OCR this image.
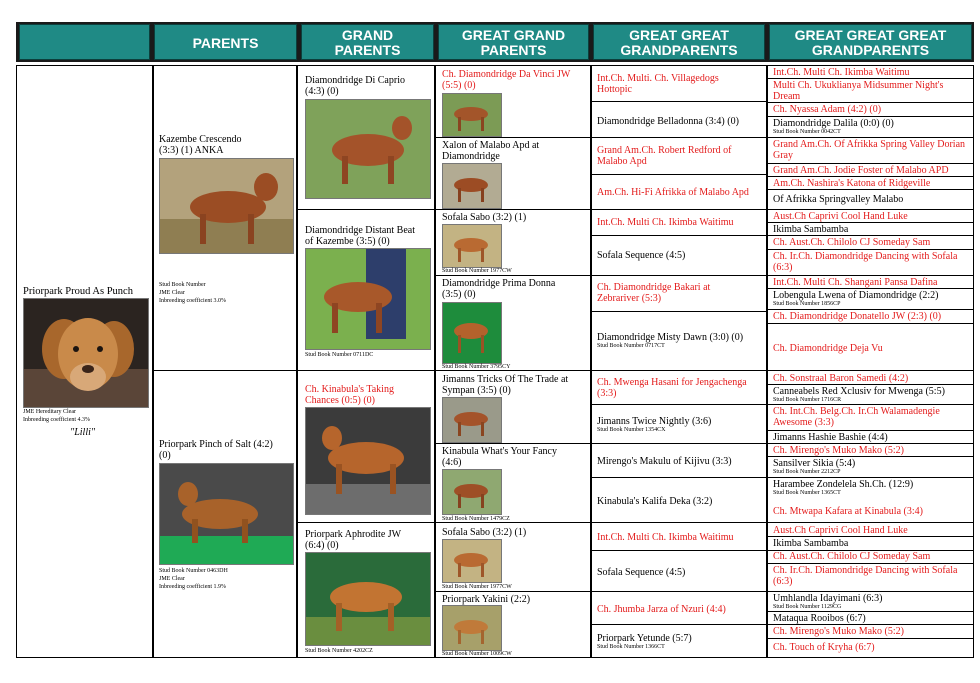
PARENTS	GRAND
PARENTS
GREAT GRAND
PARENTS
GREAT GREAT
GRANDPARENTS
GREAT GREAT GREAT
GRANDPARENTS
Priorpark Proud As Punch
JME Hereditary Clear
Inbreeding coefficient 4.3%
"Lilli"
Kazembe Crescendo
(3:3) (1) ANKA
Stud Book Number
JME Clear
Inbreeding coefficient 3.0%
Priorpark Pinch of Salt (4:2)
(0)
Stud Book Number 0463DH
JME Clear
Inbreeding coefficient 1.9%
Diamondridge Di Caprio
(4:3) (0)
Diamondridge Distant Beat
of Kazembe (3:5) (0)
Stud Book Number 0711DC
Ch. Kinabula's Taking
Chances (0:5) (0)
Priorpark Aphrodite JW
(6:4) (0)
Stud Book Number 4202CZ
Ch. Diamondridge Da Vinci JW
(5:5) (0)
Xalon of Malabo Apd at
Diamondridge
Sofala Sabo (3:2) (1)
Stud Book Number 1977CW
Diamondridge Prima Donna
(3:5) (0)
Stud Book Number 3795CY
Jimanns Tricks Of The Trade at
Sympan (3:5) (0)
Kinabula What's Your Fancy
(4:6)
Stud Book Number 1479CZ
Sofala Sabo (3:2) (1)
Stud Book Number 1977CW
Priorpark Yakini (2:2)
Stud Book Number 1009CW
Int.Ch. Multi. Ch. Villagedogs
Hottopic
Diamondridge Belladonna (3:4) (0)
Grand Am.Ch. Robert Redford of
Malabo Apd
Am.Ch. Hi-Fi Afrikka of Malabo Apd
Int.Ch. Multi Ch. Ikimba Waitimu
Sofala Sequence (4:5)
Ch. Diamondridge Bakari at
Zebrariver (5:3)
Diamondridge Misty Dawn (3:0) (0)
Stud Book Number 0717CT
Ch. Mwenga Hasani for Jengachenga
(3:3)
Jimanns Twice Nightly (3:6)
Stud Book Number 1354CX
Mirengo's Makulu of Kijivu (3:3)
Kinabula's Kalifa Deka (3:2)
Int.Ch. Multi Ch. Ikimba Waitimu
Sofala Sequence (4:5)
Ch. Jhumba Jarza of Nzuri (4:4)
Priorpark Yetunde (5:7)
Stud Book Number 1366CT
Int.Ch. Multi Ch. Ikimba Waitimu
Multi Ch. Ukuklianya Midsummer Night's Dream
Ch. Nyassa Adam (4:2) (0)
Diamondridge Dalila (0:0) (0)
Stud Book Number 0042CT
Grand Am.Ch. Of Afrikka Spring Valley Dorian Gray
Grand Am.Ch. Jodie Foster of Malabo APD
Am.Ch. Nashira's Katona of Ridgeville
Of Afrikka Springvalley Malabo
Aust.Ch Caprivi Cool Hand Luke
Ikimba Sambamba
Ch. Aust.Ch. Chilolo CJ Someday Sam
Ch. Ir.Ch. Diamondridge Dancing with Sofala (6:3)
Int.Ch. Multi Ch. Shangani Pansa Dafina
Lobengula Lwena of Diamondridge (2:2)
Stud Book Number 1856CP
Ch. Diamondridge Donatello JW (2:3) (0)
Ch. Diamondridge Deja Vu
Ch. Sonstraal Baron Samedi (4:2)
Canneabels Red Xclusiv for Mwenga (5:5)
Stud Book Number 1716CR
Ch. Int.Ch. Belg.Ch. Ir.Ch Walamadengie Awesome (3:3)
Jimanns Hashie Bashie (4:4)
Ch. Mirengo's Muko Mako (5:2)
Sansilver Sikia (5:4)
Stud Book Number 2212CP
Harambee Zondelela Sh.Ch. (12:9)
Stud Book Number 1365CT
Ch. Mtwapa Kafara at Kinabula (3:4)
Aust.Ch Caprivi Cool Hand Luke
Ikimba Sambamba
Ch. Aust.Ch. Chilolo CJ Someday Sam
Ch. Ir.Ch. Diamondridge Dancing with Sofala (6:3)
Umhlandla Idayimani (6:3)
Stud Book Number 1129CG
Mataqua Rooibos (6:7)
Ch. Mirengo's Muko Mako (5:2)
Ch. Touch of Kryha (6:7)
